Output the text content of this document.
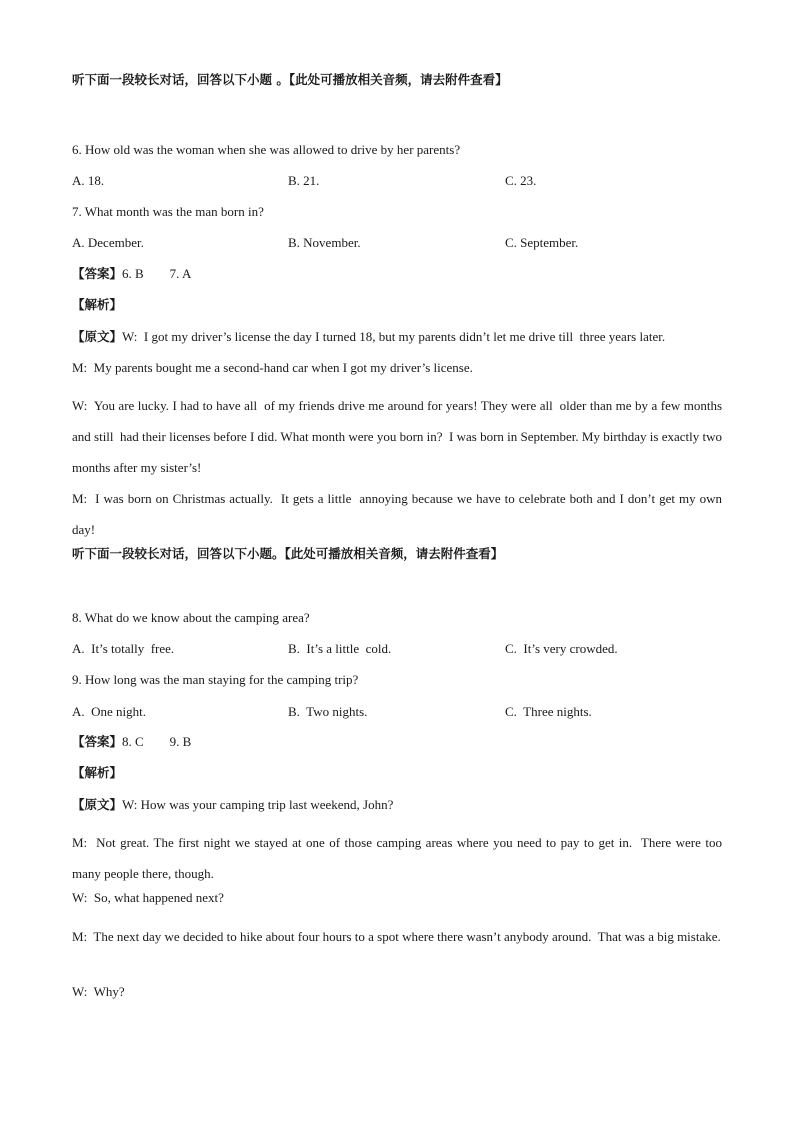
听下面一段较长对话，回答以下小题 。【此处可播放相关音频，请去附件查看】
6. How old was the woman when she was allowed to drive by her parents?
A. 18.	B. 21.	C. 23.
7. What month was the man born in?
A. December.	B. November.	C. September.
【答案】6. B        7. A
【解析】
【原文】W:  I got my driver’s license the day I turned 18, but my parents didn’t let me drive till  three years later.
M:  My parents bought me a second-hand car when I got my driver’s license.
W:  You are lucky. I had to have all  of my friends drive me around for years! They were all  older than me by a few months and still  had their licenses before I did. What month were you born in?  I was born in September. My birthday is exactly two months after my sister’s!
M:  I was born on Christmas actually.  It gets a little  annoying because we have to celebrate both and I don’t get my own day!
听下面一段较长对话，回答以下小题。【此处可播放相关音频，请去附件查看】
8. What do we know about the camping area?
A.  It’s totally  free.	B.  It’s a little  cold.	C.  It’s very crowded.
9. How long was the man staying for the camping trip?
A.  One night.	B.  Two nights.	C.  Three nights.
【答案】8. C        9. B
【解析】
【原文】W: How was your camping trip last weekend, John?
M:  Not great. The first night we stayed at one of those camping areas where you need to pay to get in.  There were too many people there, though.
W:  So, what happened next?
M:  The next day we decided to hike about four hours to a spot where there wasn’t anybody around.  That was a big mistake.
W:  Why?
